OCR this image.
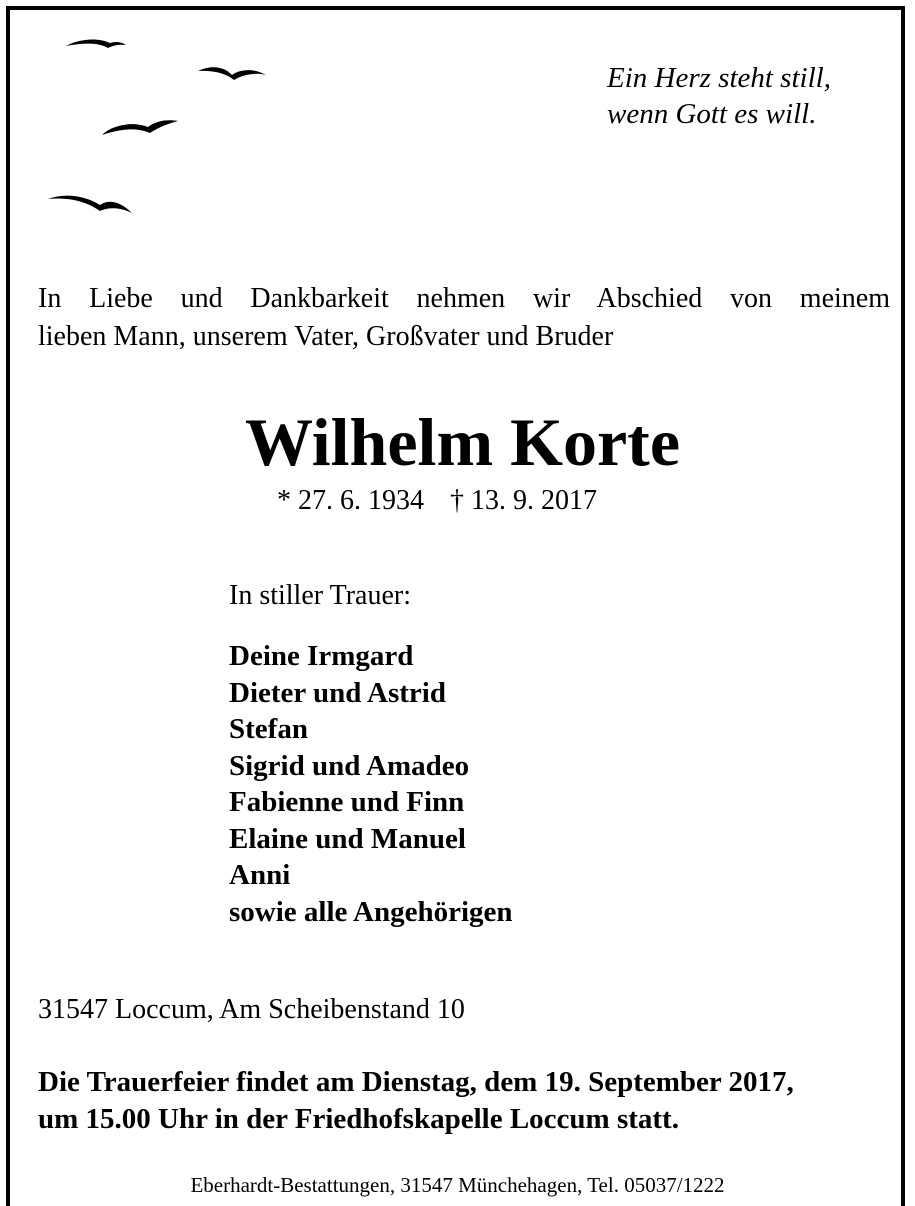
Ein Herz steht still,
wenn Gott es will.
In Liebe und Dankbarkeit nehmen wir Abschied von meinem
lieben Mann, unserem Vater, Großvater und Bruder
Wilhelm Korte
* 27. 6. 1934 † 13. 9. 2017
In stiller Trauer:
Deine Irmgard
Dieter und Astrid
Stefan
Sigrid und Amadeo
Fabienne und Finn
Elaine und Manuel
Anni
sowie alle Angehörigen
31547 Loccum, Am Scheibenstand 10
Die Trauerfeier findet am Dienstag, dem 19. September 2017,
um 15.00 Uhr in der Friedhofskapelle Loccum statt.
Eberhardt-Bestattungen, 31547 Münchehagen, Tel. 05037/1222
